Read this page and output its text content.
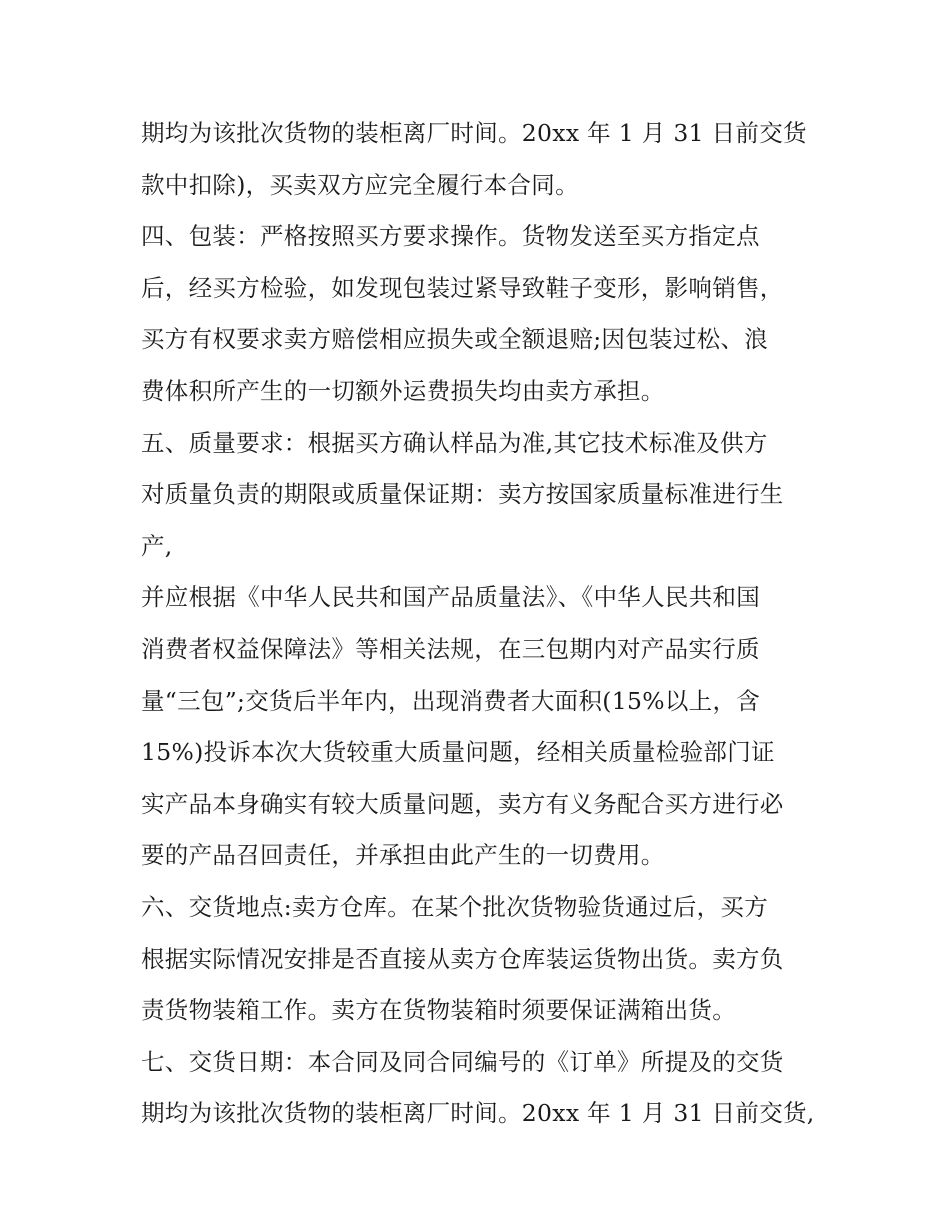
期均为该批次货物的装柜离厂时间。20xx 年 1 月 31 日前交货
款中扣除)，买卖双方应完全履行本合同。
四、包装：严格按照买方要求操作。货物发送至买方指定点
后，经买方检验，如发现包装过紧导致鞋子变形，影响销售，
买方有权要求卖方赔偿相应损失或全额退赔;因包装过松、浪
费体积所产生的一切额外运费损失均由卖方承担。
五、质量要求：根据买方确认样品为准,其它技术标准及供方
对质量负责的期限或质量保证期：卖方按国家质量标准进行生
产,
并应根据《中华人民共和国产品质量法》、《中华人民共和国
消费者权益保障法》等相关法规，在三包期内对产品实行质
量“三包”;交货后半年内，出现消费者大面积(15%以上，含
15%)投诉本次大货较重大质量问题，经相关质量检验部门证
实产品本身确实有较大质量问题，卖方有义务配合买方进行必
要的产品召回责任，并承担由此产生的一切费用。
六、交货地点:卖方仓库。在某个批次货物验货通过后，买方
根据实际情况安排是否直接从卖方仓库装运货物出货。卖方负
责货物装箱工作。卖方在货物装箱时须要保证满箱出货。
七、交货日期：本合同及同合同编号的《订单》所提及的交货
期均为该批次货物的装柜离厂时间。20xx 年 1 月 31 日前交货,
